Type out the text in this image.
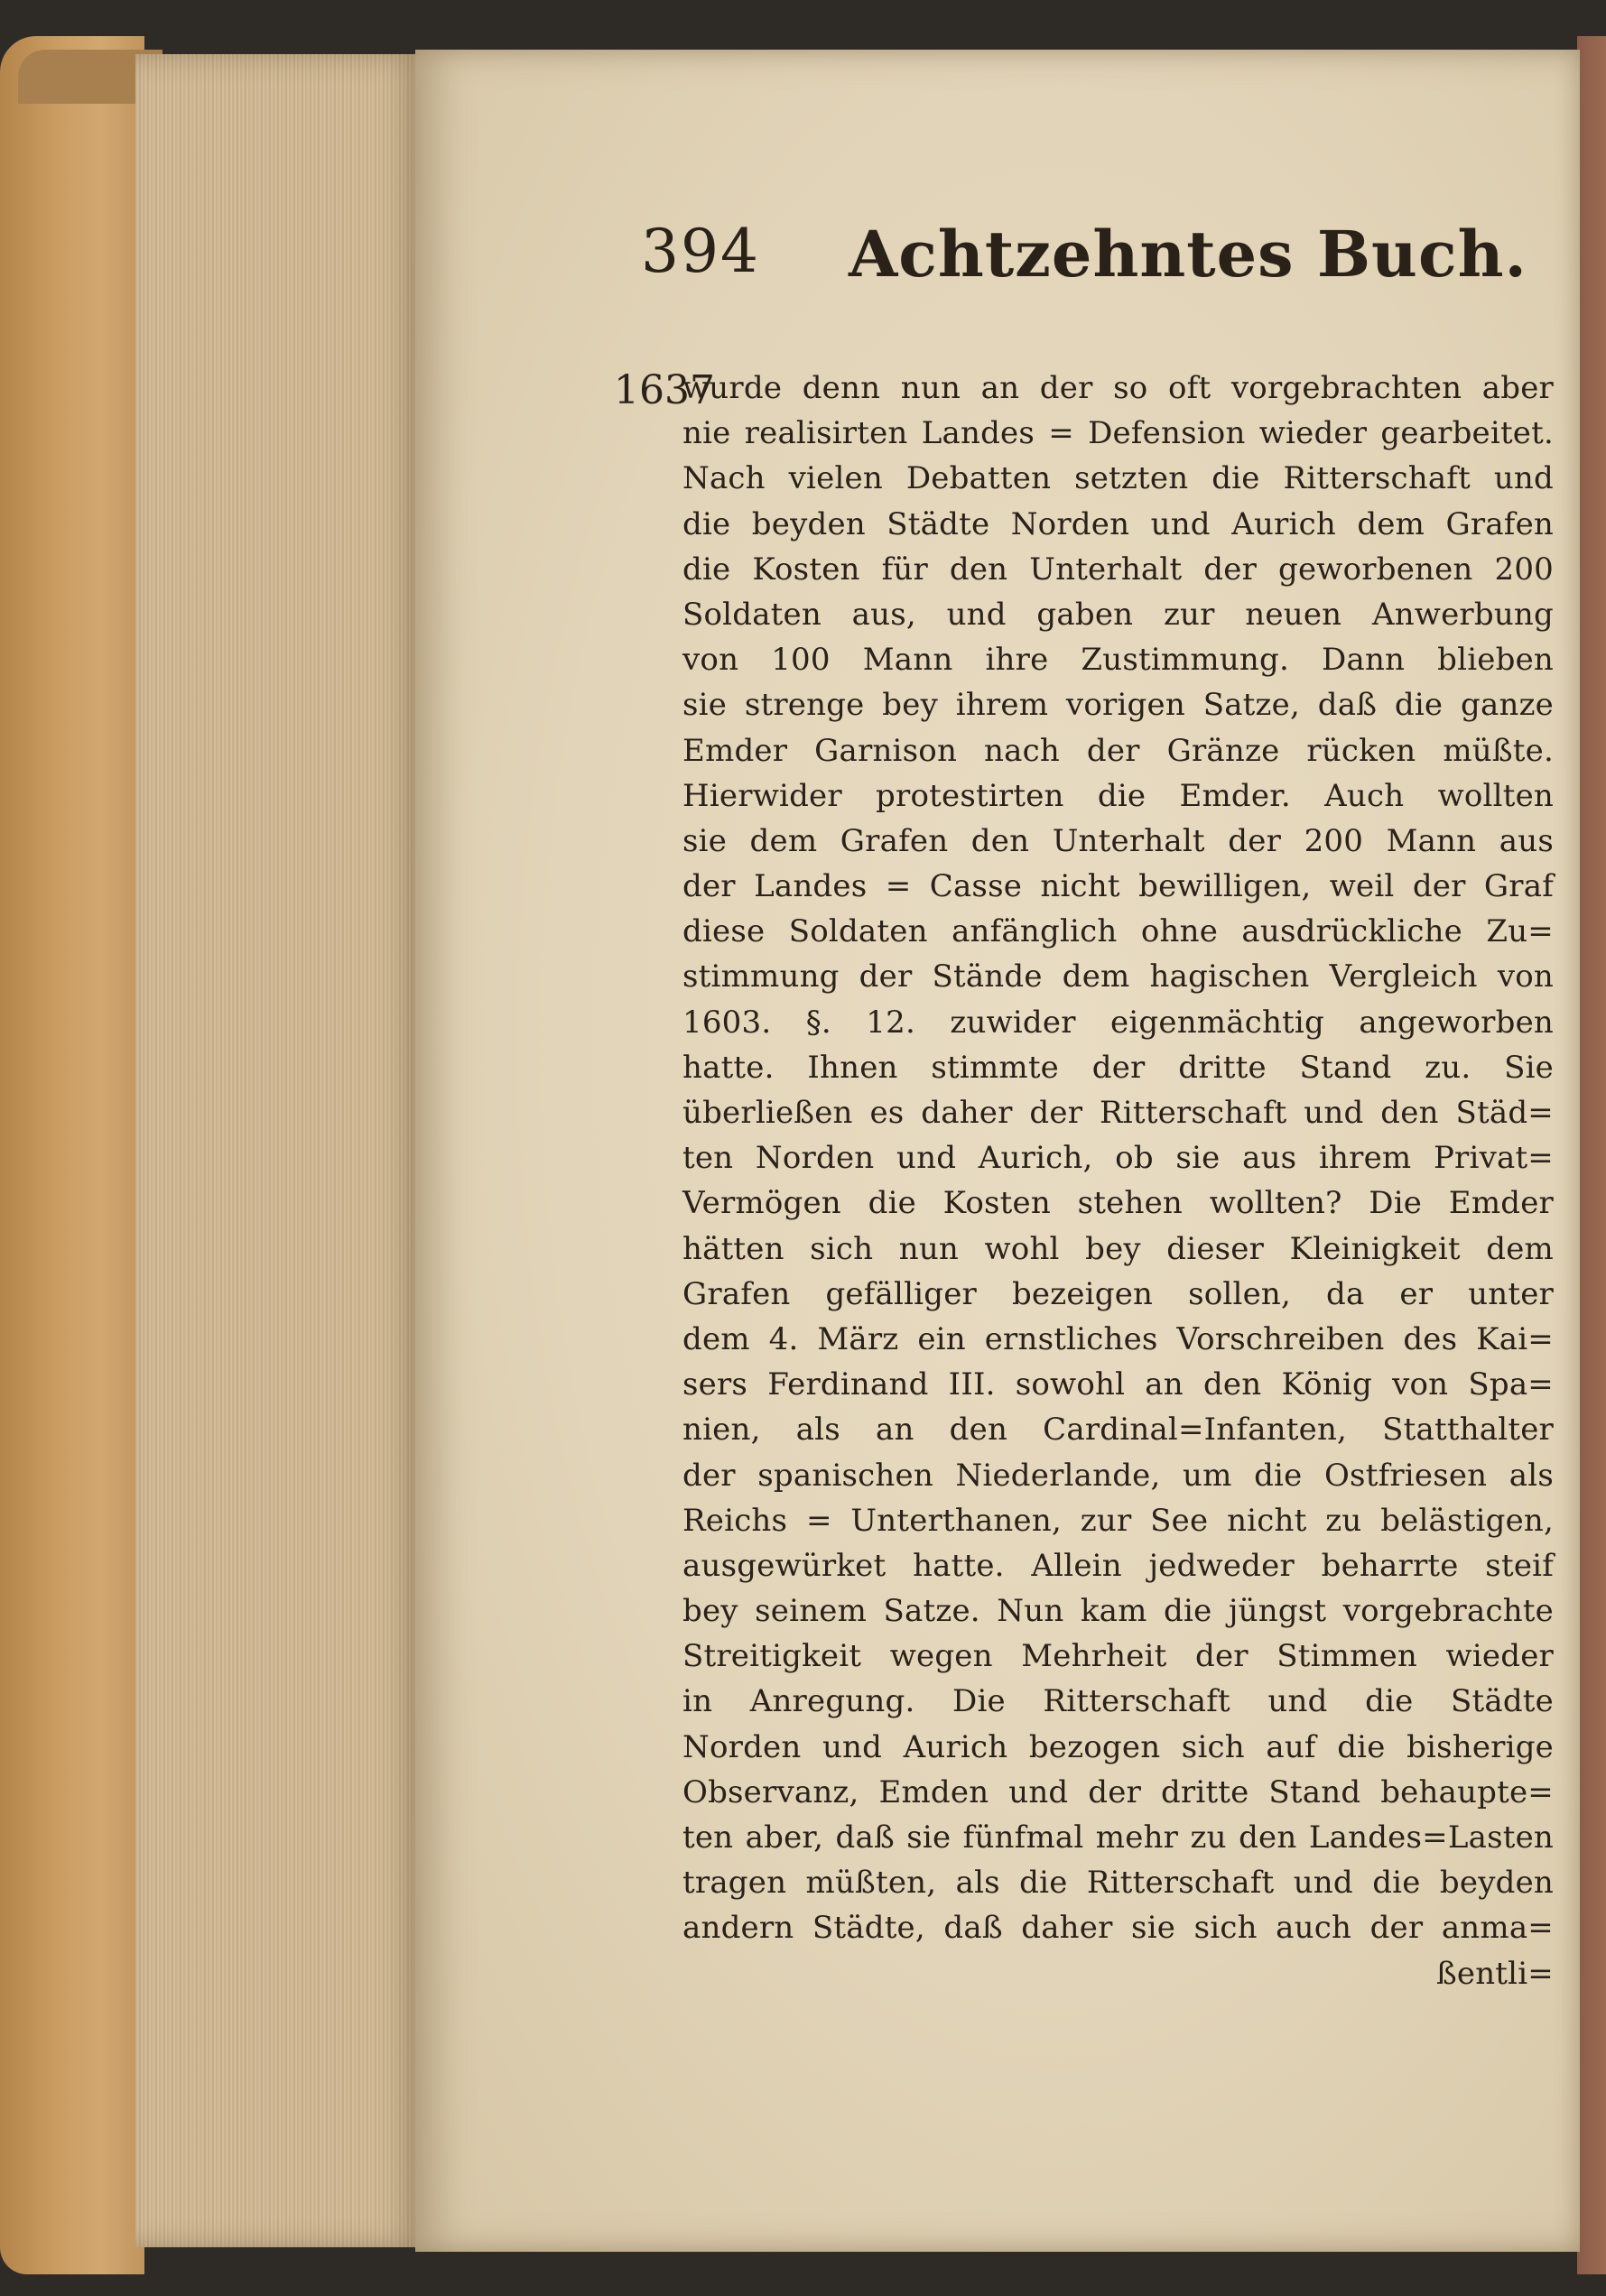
394 Achtzehntes Buch.
1637
wurde denn nun an der so oft vorgebrachten aber
nie realisirten Landes = Defension wieder gearbeitet.
Nach vielen Debatten setzten die Ritterschaft und
die beyden Städte Norden und Aurich dem Grafen
die Kosten für den Unterhalt der geworbenen 200
Soldaten aus, und gaben zur neuen Anwerbung
von 100 Mann ihre Zustimmung. Dann blieben
sie strenge bey ihrem vorigen Satze, daß die ganze
Emder Garnison nach der Gränze rücken müßte.
Hierwider protestirten die Emder. Auch wollten
sie dem Grafen den Unterhalt der 200 Mann aus
der Landes = Casse nicht bewilligen, weil der Graf
diese Soldaten anfänglich ohne ausdrückliche Zu=
stimmung der Stände dem hagischen Vergleich von
1603. §. 12. zuwider eigenmächtig angeworben
hatte. Ihnen stimmte der dritte Stand zu. Sie
überließen es daher der Ritterschaft und den Städ=
ten Norden und Aurich, ob sie aus ihrem Privat=
Vermögen die Kosten stehen wollten? Die Emder
hätten sich nun wohl bey dieser Kleinigkeit dem
Grafen gefälliger bezeigen sollen, da er unter
dem 4. März ein ernstliches Vorschreiben des Kai=
sers Ferdinand III. sowohl an den König von Spa=
nien, als an den Cardinal=Infanten, Statthalter
der spanischen Niederlande, um die Ostfriesen als
Reichs = Unterthanen, zur See nicht zu belästigen,
ausgewürket hatte. Allein jedweder beharrte steif
bey seinem Satze. Nun kam die jüngst vorgebrachte
Streitigkeit wegen Mehrheit der Stimmen wieder
in Anregung. Die Ritterschaft und die Städte
Norden und Aurich bezogen sich auf die bisherige
Observanz, Emden und der dritte Stand behaupte=
ten aber, daß sie fünfmal mehr zu den Landes=Lasten
tragen müßten, als die Ritterschaft und die beyden
andern Städte, daß daher sie sich auch der anma=
ßentli=
